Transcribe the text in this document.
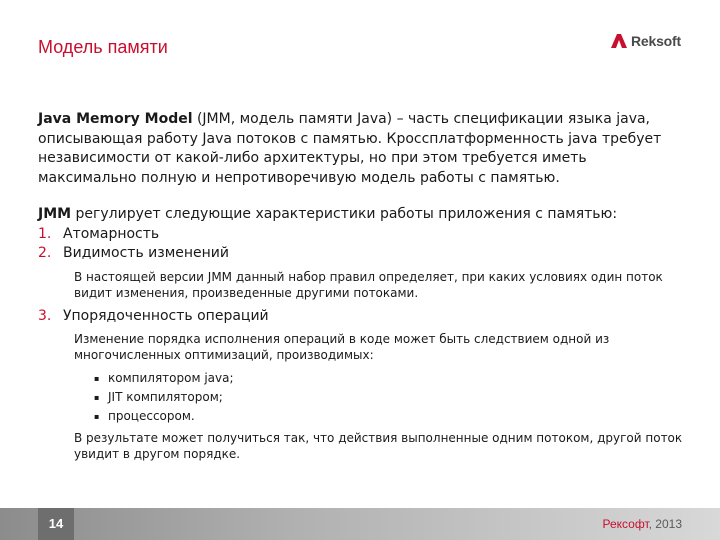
Модель памяти	Reksoft

Java Memory Model (JMM, модель памяти Java) – часть спецификации языка java, описывающая работу Java потоков с памятью. Кроссплатформенность java требует независимости от какой-либо архитектуры, но при этом требуется иметь максимально полную и непротиворечивую модель работы с памятью.

JMM регулирует следующие характеристики работы приложения с памятью:

1. Атомарность
2. Видимость изменений
В настоящей версии JMM данный набор правил определяет, при каких условиях один поток видит изменения, произведенные другими потоками.
3. Упорядоченность операций
Изменение порядка исполнения операций в коде может быть следствием одной из многочисленных оптимизаций, производимых:
▪ компилятором java;
▪ JIT компилятором;
▪ процессором.
В результате может получиться так, что действия выполненные одним потоком, другой поток увидит в другом порядке.
14	Рексофт, 2013
